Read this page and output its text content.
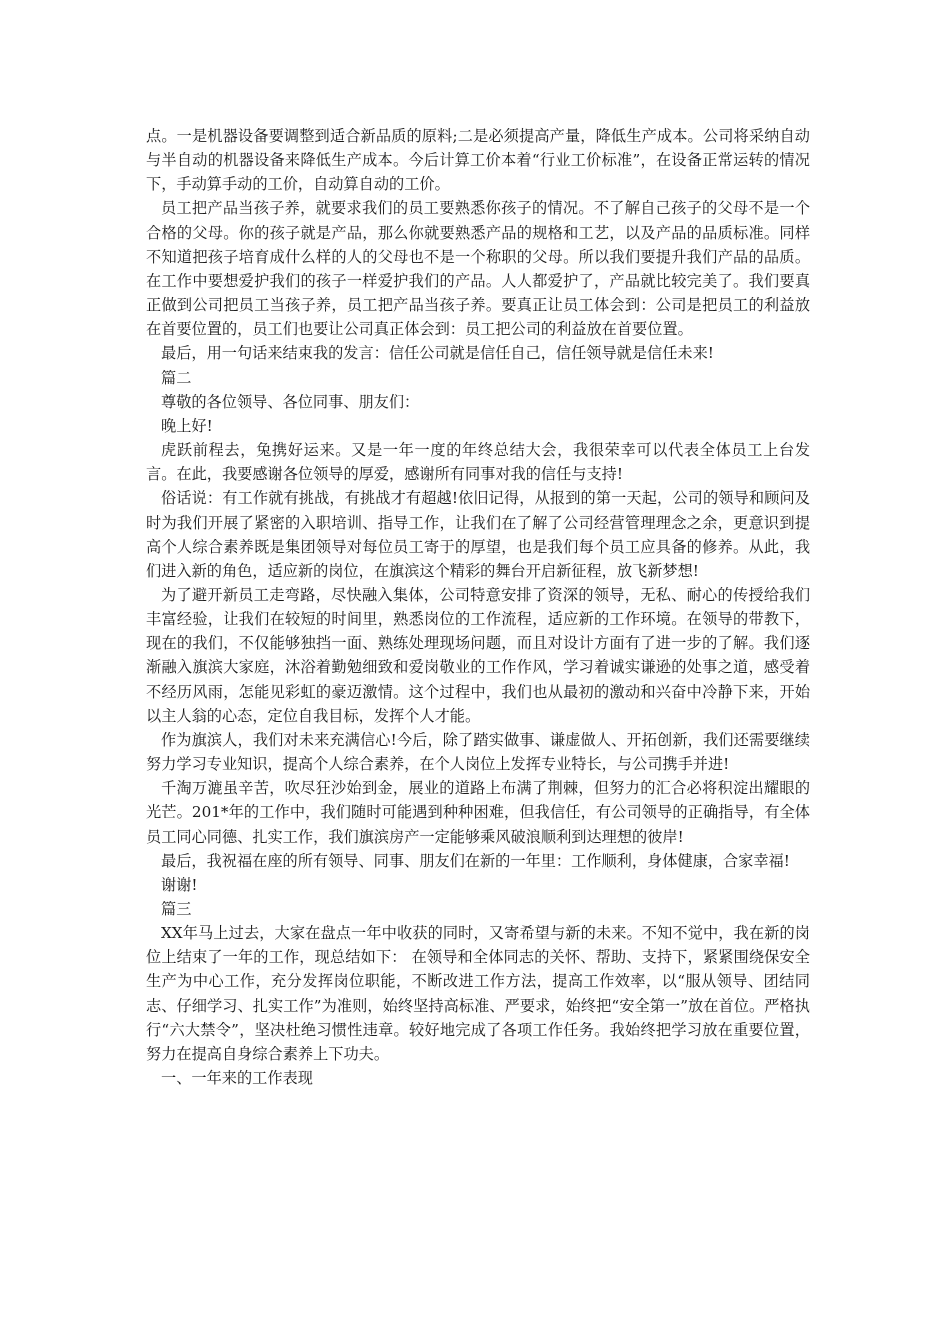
点。一是机器设备要调整到适合新品质的原料;二是必须提高产量，降低生产成本。公司将采纳自动与半自动的机器设备来降低生产成本。今后计算工价本着“行业工价标准”，在设备正常运转的情况下，手动算手动的工价，自动算自动的工价。

员工把产品当孩子养，就要求我们的员工要熟悉你孩子的情况。不了解自己孩子的父母不是一个合格的父母。你的孩子就是产品，那么你就要熟悉产品的规格和工艺，以及产品的品质标准。同样不知道把孩子培育成什么样的人的父母也不是一个称职的父母。所以我们要提升我们产品的品质。在工作中要想爱护我们的孩子一样爱护我们的产品。人人都爱护了，产品就比较完美了。我们要真正做到公司把员工当孩子养，员工把产品当孩子养。要真正让员工体会到：公司是把员工的利益放在首要位置的，员工们也要让公司真正体会到：员工把公司的利益放在首要位置。

最后，用一句话来结束我的发言：信任公司就是信任自己，信任领导就是信任未来!

篇二

尊敬的各位领导、各位同事、朋友们：

晚上好!

虎跃前程去，兔携好运来。又是一年一度的年终总结大会，我很荣幸可以代表全体员工上台发言。在此，我要感谢各位领导的厚爱，感谢所有同事对我的信任与支持!

俗话说：有工作就有挑战，有挑战才有超越!依旧记得，从报到的第一天起，公司的领导和顾问及时为我们开展了紧密的入职培训、指导工作，让我们在了解了公司经营管理理念之余，更意识到提高个人综合素养既是集团领导对每位员工寄于的厚望，也是我们每个员工应具备的修养。从此，我们进入新的角色，适应新的岗位，在旗滨这个精彩的舞台开启新征程，放飞新梦想!

为了避开新员工走弯路，尽快融入集体，公司特意安排了资深的领导，无私、耐心的传授给我们丰富经验，让我们在较短的时间里，熟悉岗位的工作流程，适应新的工作环境。在领导的带教下，现在的我们，不仅能够独挡一面、熟练处理现场问题，而且对设计方面有了进一步的了解。我们逐渐融入旗滨大家庭，沐浴着勤勉细致和爱岗敬业的工作作风，学习着诚实谦逊的处事之道，感受着不经历风雨，怎能见彩虹的豪迈激情。这个过程中，我们也从最初的激动和兴奋中冷静下来，开始以主人翁的心态，定位自我目标，发挥个人才能。

作为旗滨人，我们对未来充满信心!今后，除了踏实做事、谦虚做人、开拓创新，我们还需要继续努力学习专业知识，提高个人综合素养，在个人岗位上发挥专业特长，与公司携手并进!

千淘万漉虽辛苦，吹尽狂沙始到金，展业的道路上布满了荆棘，但努力的汇合必将积淀出耀眼的光芒。201*年的工作中，我们随时可能遇到种种困难，但我信任，有公司领导的正确指导，有全体员工同心同德、扎实工作，我们旗滨房产一定能够乘风破浪顺利到达理想的彼岸!

最后，我祝福在座的所有领导、同事、朋友们在新的一年里：工作顺利，身体健康，合家幸福!

谢谢!

篇三

XX年马上过去，大家在盘点一年中收获的同时，又寄希望与新的未来。不知不觉中，我在新的岗位上结束了一年的工作，现总结如下： 在领导和全体同志的关怀、帮助、支持下，紧紧围绕保安全生产为中心工作，充分发挥岗位职能，不断改进工作方法，提高工作效率，以“服从领导、团结同志、仔细学习、扎实工作”为准则，始终坚持高标准、严要求，始终把“安全第一”放在首位。严格执行“六大禁令”，坚决杜绝习惯性违章。较好地完成了各项工作任务。我始终把学习放在重要位置，努力在提高自身综合素养上下功夫。

一、一年来的工作表现
